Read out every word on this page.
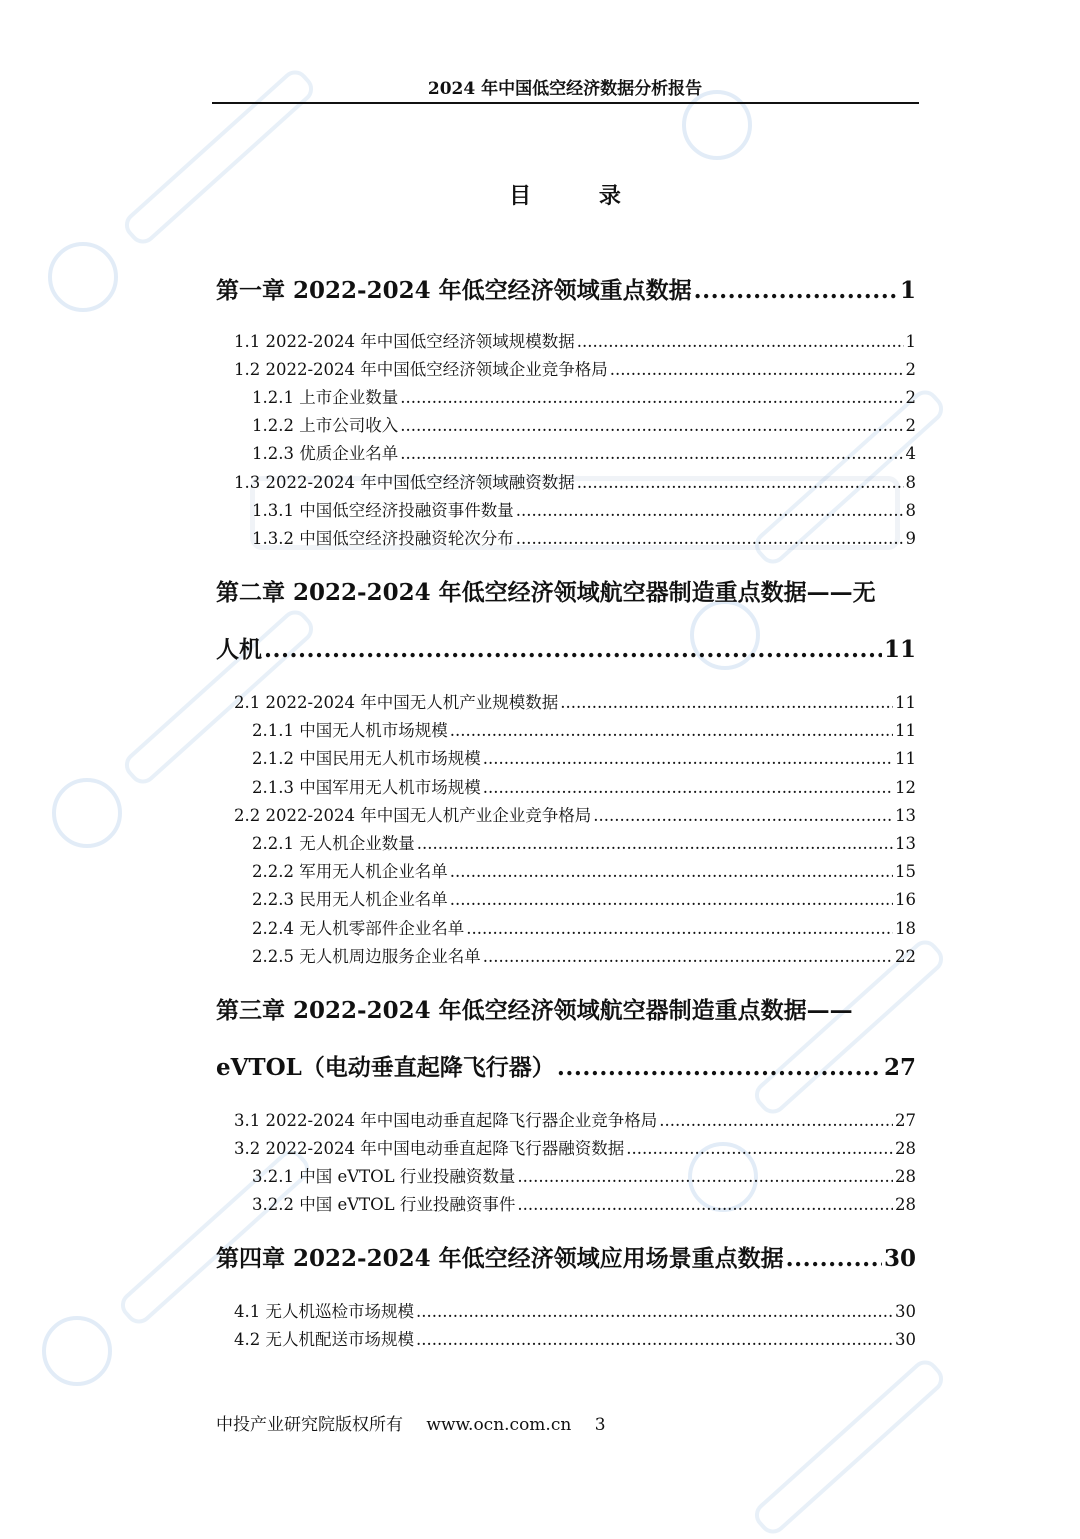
2024 年中国低空经济数据分析报告
目 录
第一章 2022-2024 年低空经济领域重点数据 .....	1
1.1 2022-2024 年中国低空经济领域规模数据 .....	1
1.2 2022-2024 年中国低空经济领域企业竞争格局 .....	2
1.2.1 上市企业数量 .....	2
1.2.2 上市公司收入 .....	2
1.2.3 优质企业名单 .....	4
1.3 2022-2024 年中国低空经济领域融资数据 .....	8
1.3.1 中国低空经济投融资事件数量 .....	8
1.3.2 中国低空经济投融资轮次分布 .....	9
第二章 2022-2024 年低空经济领域航空器制造重点数据——无
人机 .....	11
2.1 2022-2024 年中国无人机产业规模数据 .....	11
2.1.1 中国无人机市场规模 .....	11
2.1.2 中国民用无人机市场规模 .....	11
2.1.3 中国军用无人机市场规模 .....	12
2.2 2022-2024 年中国无人机产业企业竞争格局 .....	13
2.2.1 无人机企业数量 .....	13
2.2.2 军用无人机企业名单 .....	15
2.2.3 民用无人机企业名单 .....	16
2.2.4 无人机零部件企业名单 .....	18
2.2.5 无人机周边服务企业名单 .....	22
第三章 2022-2024 年低空经济领域航空器制造重点数据——
eVTOL（电动垂直起降飞行器） .....	27
3.1 2022-2024 年中国电动垂直起降飞行器企业竞争格局 .....	27
3.2 2022-2024 年中国电动垂直起降飞行器融资数据 .....	28
3.2.1 中国 eVTOL 行业投融资数量 .....	28
3.2.2 中国 eVTOL 行业投融资事件 .....	28
第四章 2022-2024 年低空经济领域应用场景重点数据 .....	30
4.1 无人机巡检市场规模 .....	30
4.2 无人机配送市场规模 .....	30
中投产业研究院版权所有 www.ocn.com.cn 3
